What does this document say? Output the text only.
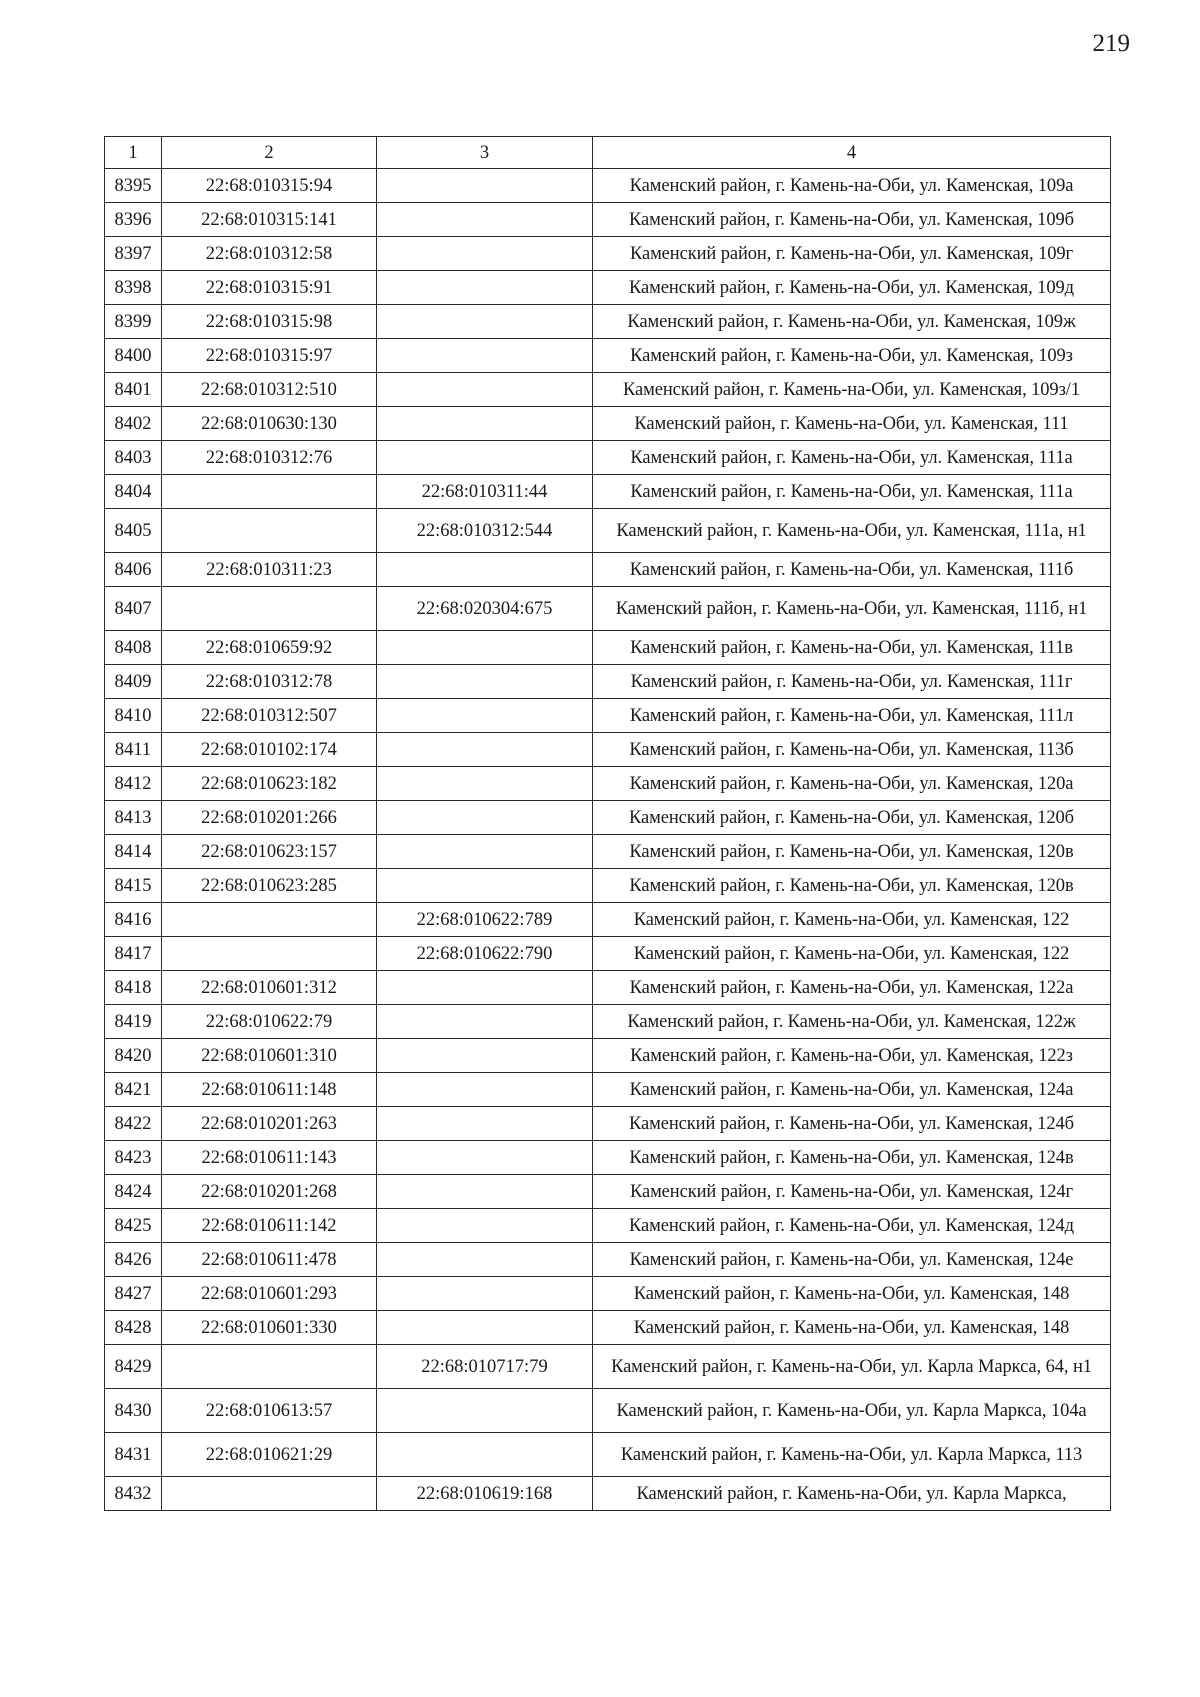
219
1	2	3	4
8395	22:68:010315:94		Каменский район, г. Камень-на-Оби, ул. Каменская, 109а
8396	22:68:010315:141		Каменский район, г. Камень-на-Оби, ул. Каменская, 109б
8397	22:68:010312:58		Каменский район, г. Камень-на-Оби, ул. Каменская, 109г
8398	22:68:010315:91		Каменский район, г. Камень-на-Оби, ул. Каменская, 109д
8399	22:68:010315:98		Каменский район, г. Камень-на-Оби, ул. Каменская, 109ж
8400	22:68:010315:97		Каменский район, г. Камень-на-Оби, ул. Каменская, 109з
8401	22:68:010312:510		Каменский район, г. Камень-на-Оби, ул. Каменская, 109з/1
8402	22:68:010630:130		Каменский район, г. Камень-на-Оби, ул. Каменская, 111
8403	22:68:010312:76		Каменский район, г. Камень-на-Оби, ул. Каменская, 111а
8404		22:68:010311:44	Каменский район, г. Камень-на-Оби, ул. Каменская, 111а
8405		22:68:010312:544	Каменский район, г. Камень-на-Оби, ул. Каменская, 111а, н1
8406	22:68:010311:23		Каменский район, г. Камень-на-Оби, ул. Каменская, 111б
8407		22:68:020304:675	Каменский район, г. Камень-на-Оби, ул. Каменская, 111б, н1
8408	22:68:010659:92		Каменский район, г. Камень-на-Оби, ул. Каменская, 111в
8409	22:68:010312:78		Каменский район, г. Камень-на-Оби, ул. Каменская, 111г
8410	22:68:010312:507		Каменский район, г. Камень-на-Оби, ул. Каменская, 111л
8411	22:68:010102:174		Каменский район, г. Камень-на-Оби, ул. Каменская, 113б
8412	22:68:010623:182		Каменский район, г. Камень-на-Оби, ул. Каменская, 120а
8413	22:68:010201:266		Каменский район, г. Камень-на-Оби, ул. Каменская, 120б
8414	22:68:010623:157		Каменский район, г. Камень-на-Оби, ул. Каменская, 120в
8415	22:68:010623:285		Каменский район, г. Камень-на-Оби, ул. Каменская, 120в
8416		22:68:010622:789	Каменский район, г. Камень-на-Оби, ул. Каменская, 122
8417		22:68:010622:790	Каменский район, г. Камень-на-Оби, ул. Каменская, 122
8418	22:68:010601:312		Каменский район, г. Камень-на-Оби, ул. Каменская, 122а
8419	22:68:010622:79		Каменский район, г. Камень-на-Оби, ул. Каменская, 122ж
8420	22:68:010601:310		Каменский район, г. Камень-на-Оби, ул. Каменская, 122з
8421	22:68:010611:148		Каменский район, г. Камень-на-Оби, ул. Каменская, 124а
8422	22:68:010201:263		Каменский район, г. Камень-на-Оби, ул. Каменская, 124б
8423	22:68:010611:143		Каменский район, г. Камень-на-Оби, ул. Каменская, 124в
8424	22:68:010201:268		Каменский район, г. Камень-на-Оби, ул. Каменская, 124г
8425	22:68:010611:142		Каменский район, г. Камень-на-Оби, ул. Каменская, 124д
8426	22:68:010611:478		Каменский район, г. Камень-на-Оби, ул. Каменская, 124е
8427	22:68:010601:293		Каменский район, г. Камень-на-Оби, ул. Каменская, 148
8428	22:68:010601:330		Каменский район, г. Камень-на-Оби, ул. Каменская, 148
8429		22:68:010717:79	Каменский район, г. Камень-на-Оби, ул. Карла Маркса, 64, н1
8430	22:68:010613:57		Каменский район, г. Камень-на-Оби, ул. Карла Маркса, 104а
8431	22:68:010621:29		Каменский район, г. Камень-на-Оби, ул. Карла Маркса, 113
8432		22:68:010619:168	Каменский район, г. Камень-на-Оби, ул. Карла Маркса,
